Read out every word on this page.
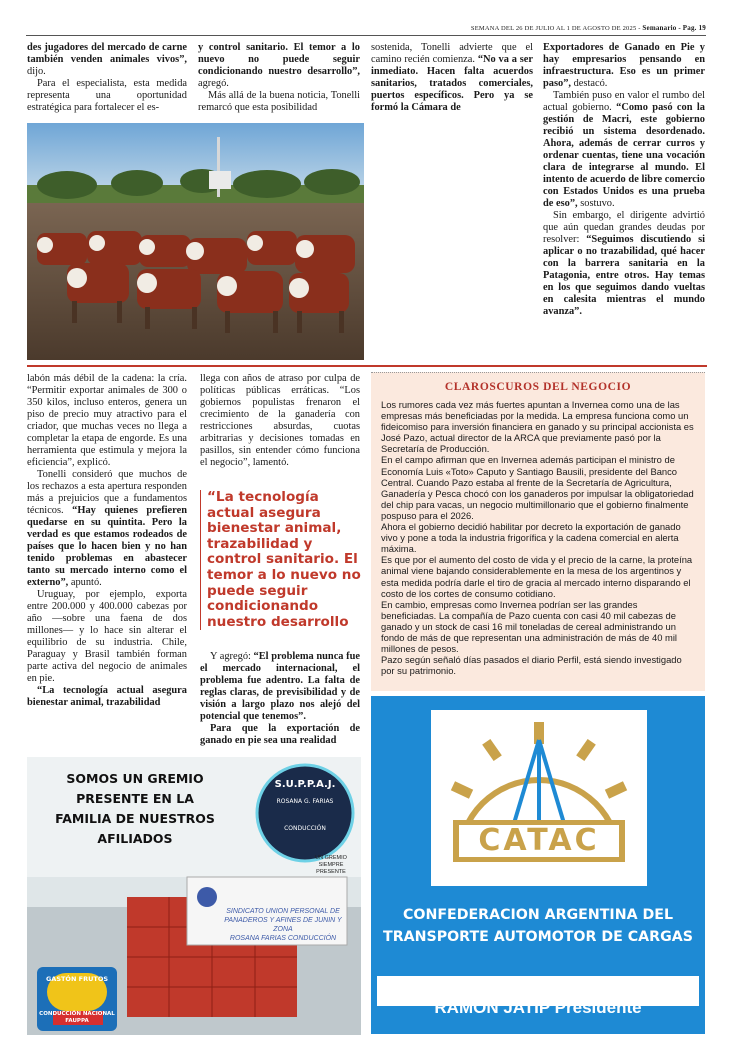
SEMANA DEL 26 DE JULIO AL 1 DE AGOSTO DE 2025 - Semanario - Pag. 19

des jugadores del mercado de carne también venden animales vivos”, dijo.

Para el especialista, esta medida representa una oportunidad estratégica para fortalecer el es-

y control sanitario. El temor a lo nuevo no puede seguir condicionando nuestro desarrollo”, agregó.

Más allá de la buena noticia, Tonelli remarcó que esta posibilidad

sostenida, Tonelli advierte que el camino recién comienza. “No va a ser inmediato. Hacen falta acuerdos sanitarios, tratados comerciales, puertos específicos. Pero ya se formó la Cámara de

Exportadores de Ganado en Pie y hay empresarios pensando en infraestructura. Eso es un primer paso”, destacó.

También puso en valor el rumbo del actual gobierno. “Como pasó con la gestión de Macri, este gobierno recibió un sistema desordenado. Ahora, además de cerrar curros y ordenar cuentas, tiene una vocación clara de integrarse al mundo. El intento de acuerdo de libre comercio con Estados Unidos es una prueba de eso”, sostuvo.

Sin embargo, el dirigente advirtió que aún quedan grandes deudas por resolver: “Seguimos discutiendo si aplicar o no trazabilidad, qué hacer con la barrera sanitaria en la Patagonia, entre otros. Hay temas en los que seguimos dando vueltas en calesita mientras el mundo avanza”.

labón más débil de la cadena: la cría. “Permitir exportar animales de 300 o 350 kilos, incluso enteros, genera un piso de precio muy atractivo para el criador, que muchas veces no llega a completar la etapa de engorde. Es una herramienta que estimula y mejora la eficiencia”, explicó.

Tonelli consideró que muchos de los rechazos a esta apertura responden más a prejuicios que a fundamentos técnicos. “Hay quienes prefieren quedarse en su quintita. Pero la verdad es que estamos rodeados de países que lo hacen bien y no han tenido problemas en abastecer tanto su mercado interno como el externo”, apuntó.

Uruguay, por ejemplo, exporta entre 200.000 y 400.000 cabezas por año —sobre una faena de dos millones— y lo hace sin alterar el equilibrio de su industria. Chile, Paraguay y Brasil también forman parte activa del negocio de animales en pie.

“La tecnología actual asegura bienestar animal, trazabilidad

llega con años de atraso por culpa de políticas públicas erráticas. “Los gobiernos populistas frenaron el crecimiento de la ganadería con restricciones absurdas, cuotas arbitrarias y decisiones tomadas en pasillos, sin entender cómo funciona el negocio”, lamentó.

“La tecnología actual asegura bienestar animal, trazabilidad y control sanitario. El temor a lo nuevo no puede seguir condicionando nuestro desarrollo

Y agregó: “El problema nunca fue el mercado internacional, el problema fue adentro. La falta de reglas claras, de previsibilidad y de visión a largo plazo nos alejó del potencial que tenemos”.

Para que la exportación de ganado en pie sea una realidad

CLAROSCUROS DEL NEGOCIO

Los rumores cada vez más fuertes apuntan a Invernea como una de las empresas más beneficiadas por la medida. La empresa funciona como un fideicomiso para inversión financiera en ganado y su principal accionista es José Pazo, actual director de la ARCA que previamente pasó por la Secretaría de Producción.

En el campo afirman que en Invernea además participan el ministro de Economía Luis «Toto» Caputo y Santiago Bausili, presidente del Banco Central. Cuando Pazo estaba al frente de la Secretaría de Agricultura, Ganadería y Pesca chocó con los ganaderos por impulsar la obligatoriedad del chip para vacas, un negocio multimillonario que el gobierno finalmente pospuso para el 2026.

Ahora el gobierno decidió habilitar por decreto la exportación de ganado vivo y pone a toda la industria frigorífica y la cadena comercial en alerta máxima.

Es que por el aumento del costo de vida y el precio de la carne, la proteína animal viene bajando considerablemente en la mesa de los argentinos y esta medida podría darle el tiro de gracia al mercado interno disparando el costo de los cortes de consumo cotidiano.

En cambio, empresas como Invernea podrían ser las grandes beneficiadas. La compañía de Pazo cuenta con casi 40 mil cabezas de ganado y un stock de casi 16 mil toneladas de cereal administrando un fondo de más de que representan una administración de más de 40 mil millones de pesos.

Pazo según señaló días pasados el diario Perfil, está siendo investigado por su patrimonio.

SOMOS UN GREMIO
PRESENTE EN LA
FAMILIA DE NUESTROS
AFILIADOS
S.U.P.P.A.J.
ROSANA G. FARIAS
CONDUCCIÓN
SINDICATO UNION PERSONAL DE
PANADEROS Y AFINES DE JUNIN Y ZONA
ROSANA FARIAS CONDUCCIÓN
UN GREMIO SIEMPRE PRESENTE
GASTÓN FRUTOS
CONDUCCIÓN NACIONAL FAUPPA
CATAC
CONFEDERACION ARGENTINA DEL
TRANSPORTE AUTOMOTOR DE CARGAS
RAMON JATIP Presidente
